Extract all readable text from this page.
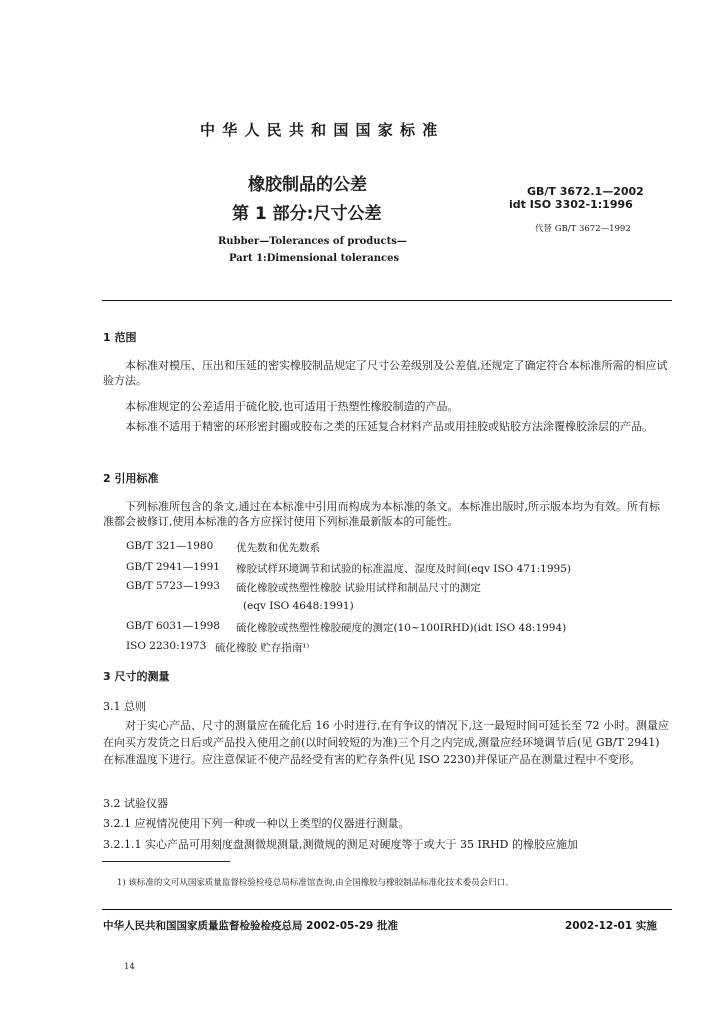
中 华 人 民 共 和 国 国 家 标 准
橡胶制品的公差
第 1 部分:尺寸公差
GB/T 3672.1—2002
idt ISO 3302-1:1996
代替 GB/T 3672—1992
Rubber—Tolerances of products—
Part 1:Dimensional tolerances
1 范围
本标准对模压、压出和压延的密实橡胶制品规定了尺寸公差级别及公差值,还规定了确定符合本标准所需的相应试验方法。
本标准规定的公差适用于硫化胶,也可适用于热塑性橡胶制造的产品。
本标准不适用于精密的环形密封圈或胶布之类的压延复合材料产品或用挂胶或贴胶方法涂覆橡胶涂层的产品。
2 引用标准
下列标准所包含的条文,通过在本标准中引用而构成为本标准的条文。本标准出版时,所示版本均为有效。所有标准都会被修订,使用本标准的各方应探讨使用下列标准最新版本的可能性。
GB/T 321—1980 优先数和优先数系
GB/T 2941—1991 橡胶试样环境调节和试验的标准温度、湿度及时间(eqv ISO 471:1995)
GB/T 5723—1993 硫化橡胶或热塑性橡胶 试验用试样和制品尺寸的测定
(eqv ISO 4648:1991)
GB/T 6031—1998 硫化橡胶或热塑性橡胶硬度的测定(10~100IRHD)(idt ISO 48:1994)
ISO 2230:1973 硫化橡胶 贮存指南¹⁾
3 尺寸的测量
3.1 总则
对于实心产品、尺寸的测量应在硫化后 16 小时进行,在有争议的情况下,这一最短时间可延长至 72 小时。测量应在向买方发货之日后或产品投入使用之前(以时间较短的为准)三个月之内完成,测量应经环境调节后(见 GB/T 2941)在标准温度下进行。应注意保证不使产品经受有害的贮存条件(见 ISO 2230)并保证产品在测量过程中不变形。
3.2 试验仪器
3.2.1 应视情况使用下列一种或一种以上类型的仪器进行测量。
3.2.1.1 实心产品可用刻度盘测微规测量,测微规的测足对硬度等于或大于 35 IRHD 的橡胶应施加
1) 该标准的文可从国家质量监督检验检疫总局标准馆查询,由全国橡胶与橡胶制品标准化技术委员会归口。
中华人民共和国国家质量监督检验检疫总局 2002-05-29 批准	2002-12-01 实施
14
